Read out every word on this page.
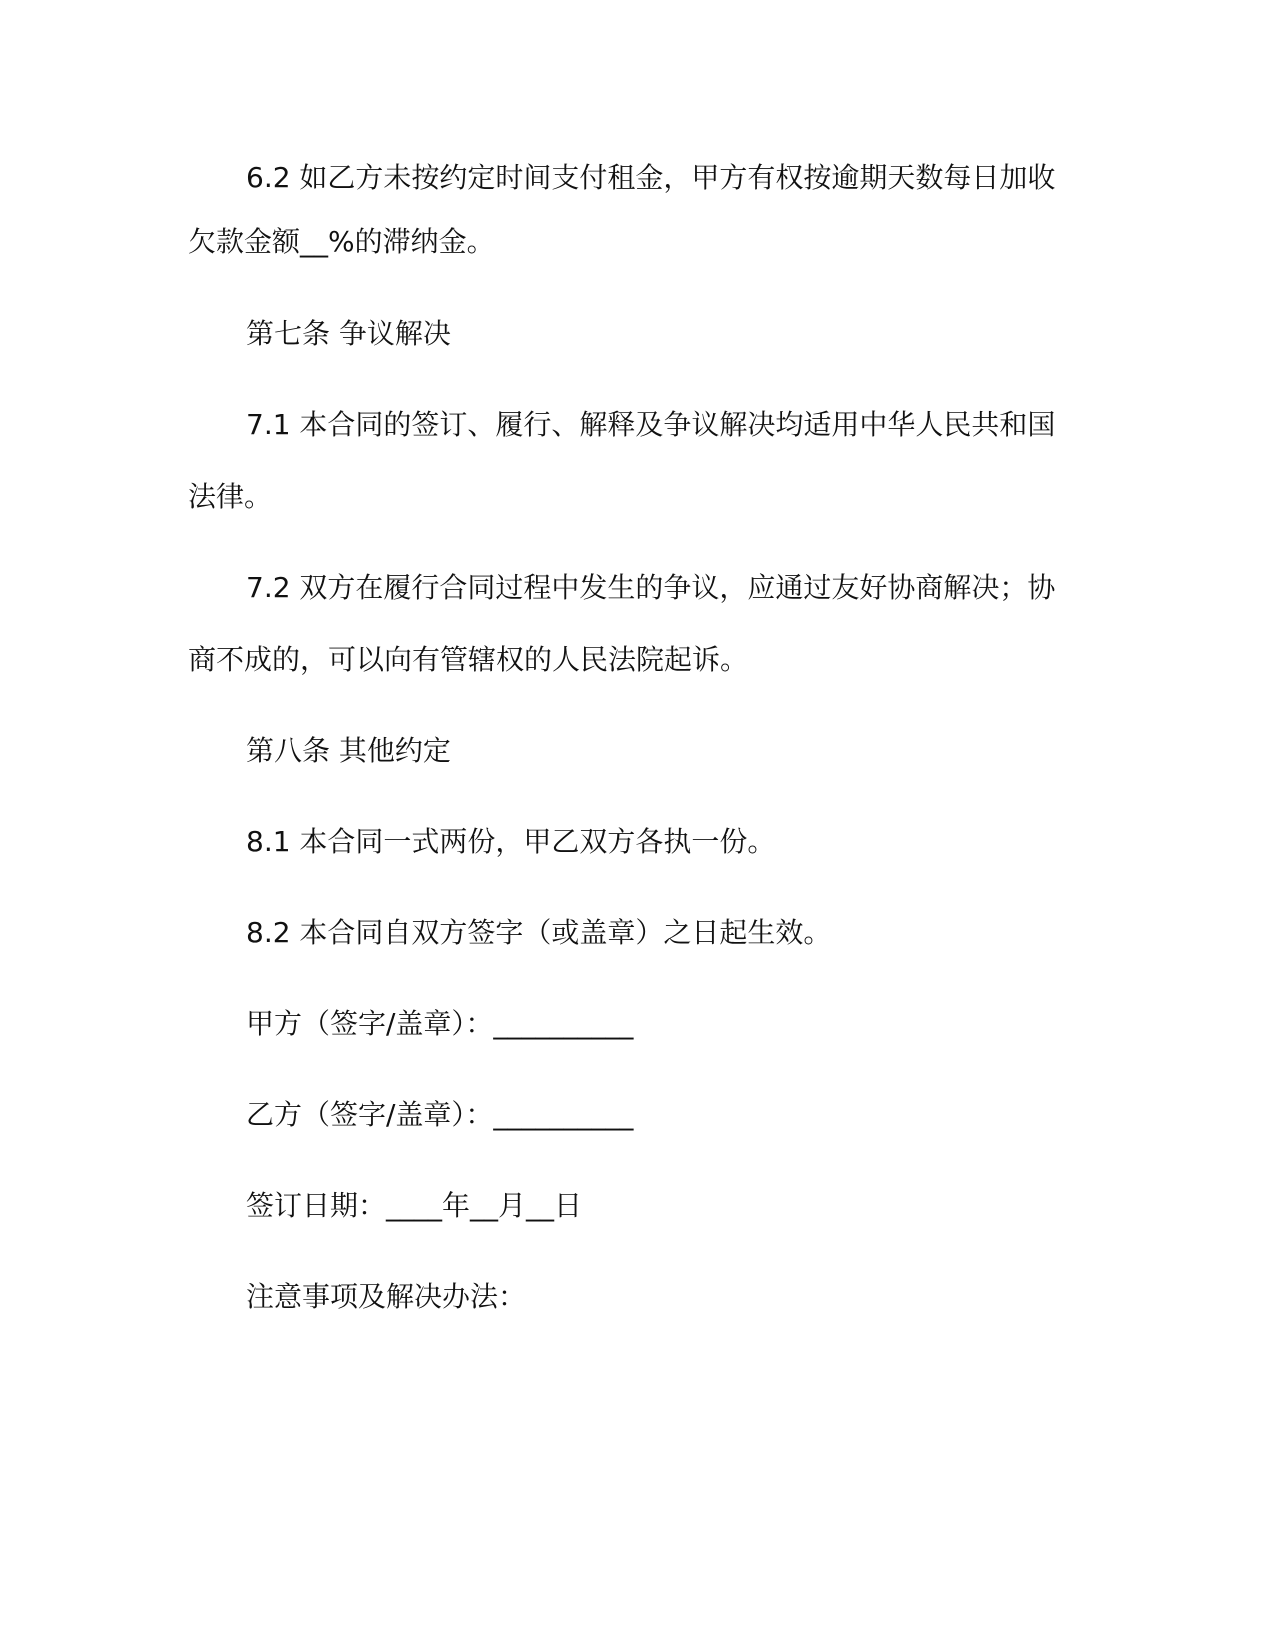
6.2 如乙方未按约定时间支付租金，甲方有权按逾期天数每日加收
欠款金额__%的滞纳金。
第七条 争议解决
7.1 本合同的签订、履行、解释及争议解决均适用中华人民共和国
法律。
7.2 双方在履行合同过程中发生的争议，应通过友好协商解决；协
商不成的，可以向有管辖权的人民法院起诉。
第八条 其他约定
8.1 本合同一式两份，甲乙双方各执一份。
8.2 本合同自双方签字（或盖章）之日起生效。
甲方（签字/盖章）：__________
乙方（签字/盖章）：__________
签订日期：____年__月__日
注意事项及解决办法：
